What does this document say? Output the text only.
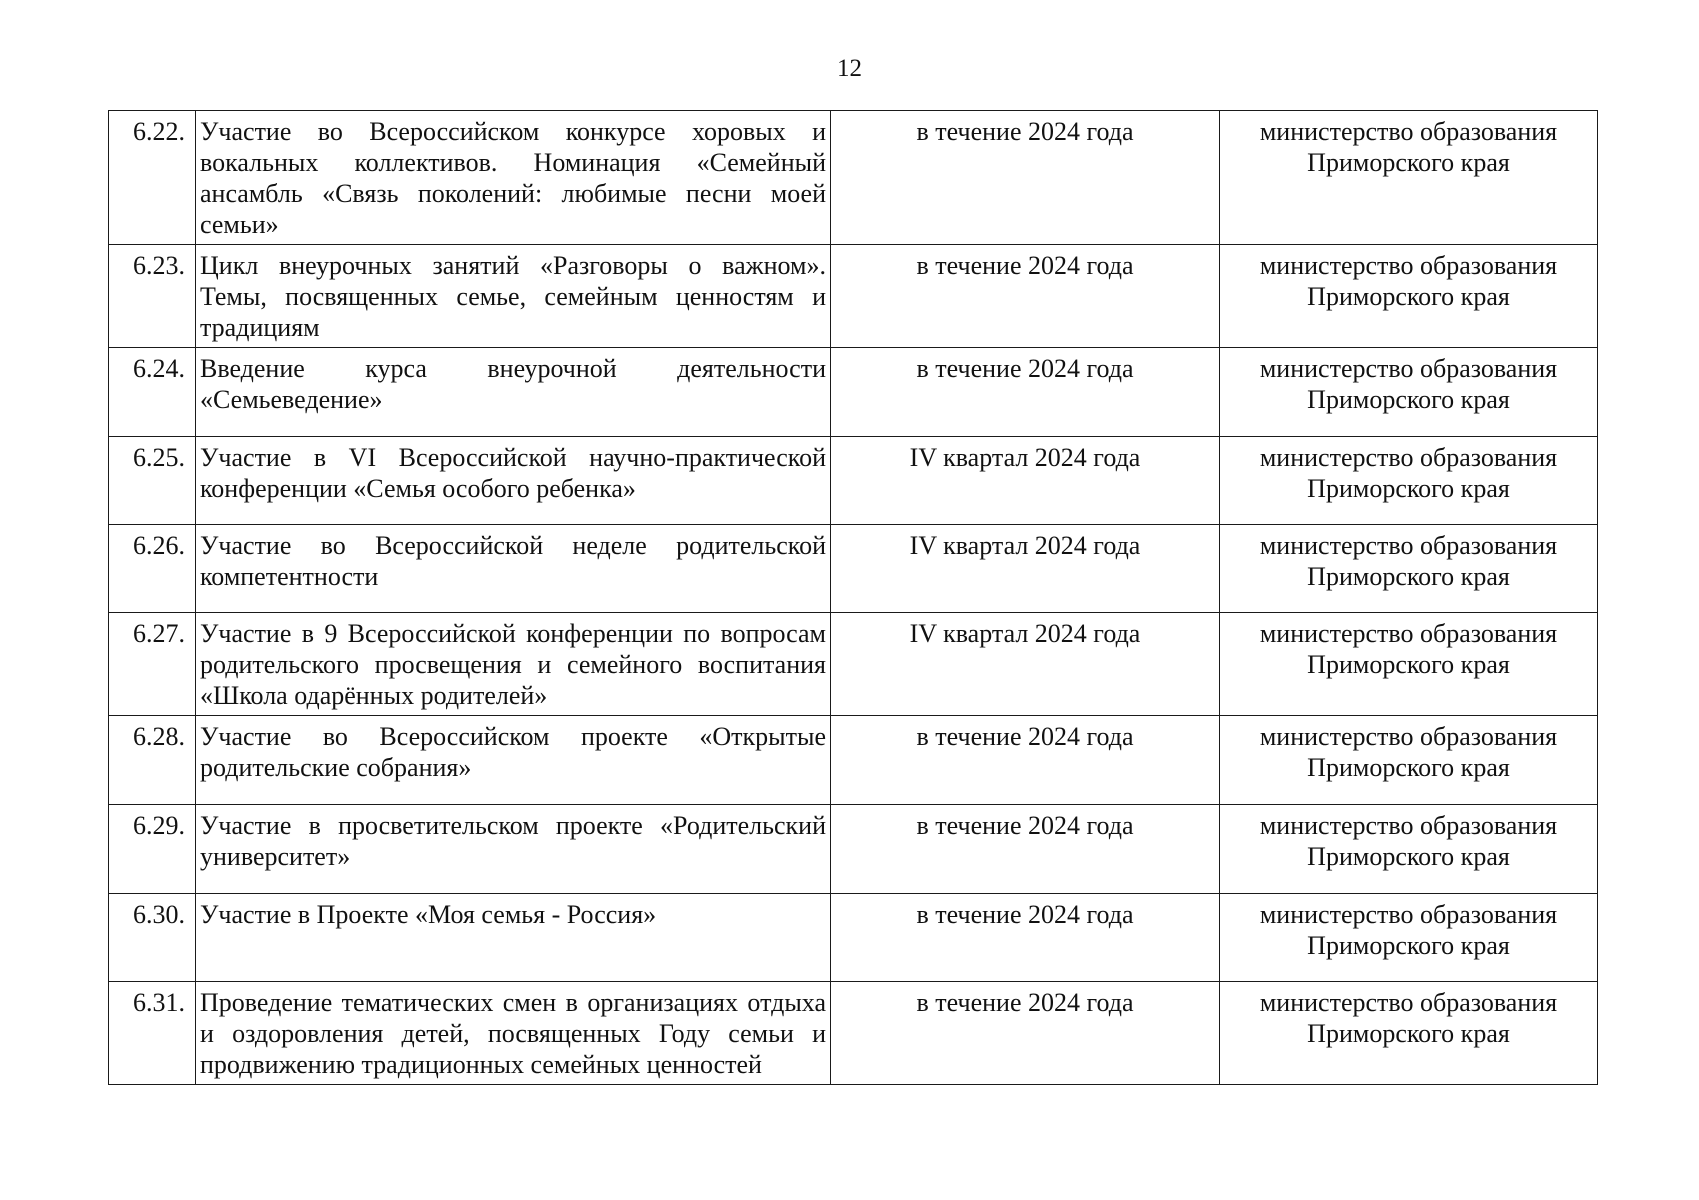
12
6.22.	Участие во Всероссийском конкурсе хоровых и вокальных коллективов. Номинация «Семейный ансамбль «Связь поколений: любимые песни моей семьи»	в течение 2024 года	министерство образования
Приморского края
6.23.	Цикл внеурочных занятий «Разговоры о важном». Темы, посвященных семье, семейным ценностям и традициям	в течение 2024 года	министерство образования
Приморского края
6.24.	Введение курса внеурочной деятельности «Семьеведение»	в течение 2024 года	министерство образования
Приморского края
6.25.	Участие в VI Всероссийской научно-практической конференции «Семья особого ребенка»	IV квартал 2024 года	министерство образования
Приморского края
6.26.	Участие во Всероссийской неделе родительской компетентности	IV квартал 2024 года	министерство образования
Приморского края
6.27.	Участие в 9 Всероссийской конференции по вопросам родительского просвещения и семейного воспитания «Школа одарённых родителей»	IV квартал 2024 года	министерство образования
Приморского края
6.28.	Участие во Всероссийском проекте «Открытые родительские собрания»	в течение 2024 года	министерство образования
Приморского края
6.29.	Участие в просветительском проекте «Родительский университет»	в течение 2024 года	министерство образования
Приморского края
6.30.	Участие в Проекте «Моя семья - Россия»	в течение 2024 года	министерство образования
Приморского края
6.31.	Проведение тематических смен в организациях отдыха и оздоровления детей, посвященных Году семьи и продвижению традиционных семейных ценностей	в течение 2024 года	министерство образования
Приморского края
